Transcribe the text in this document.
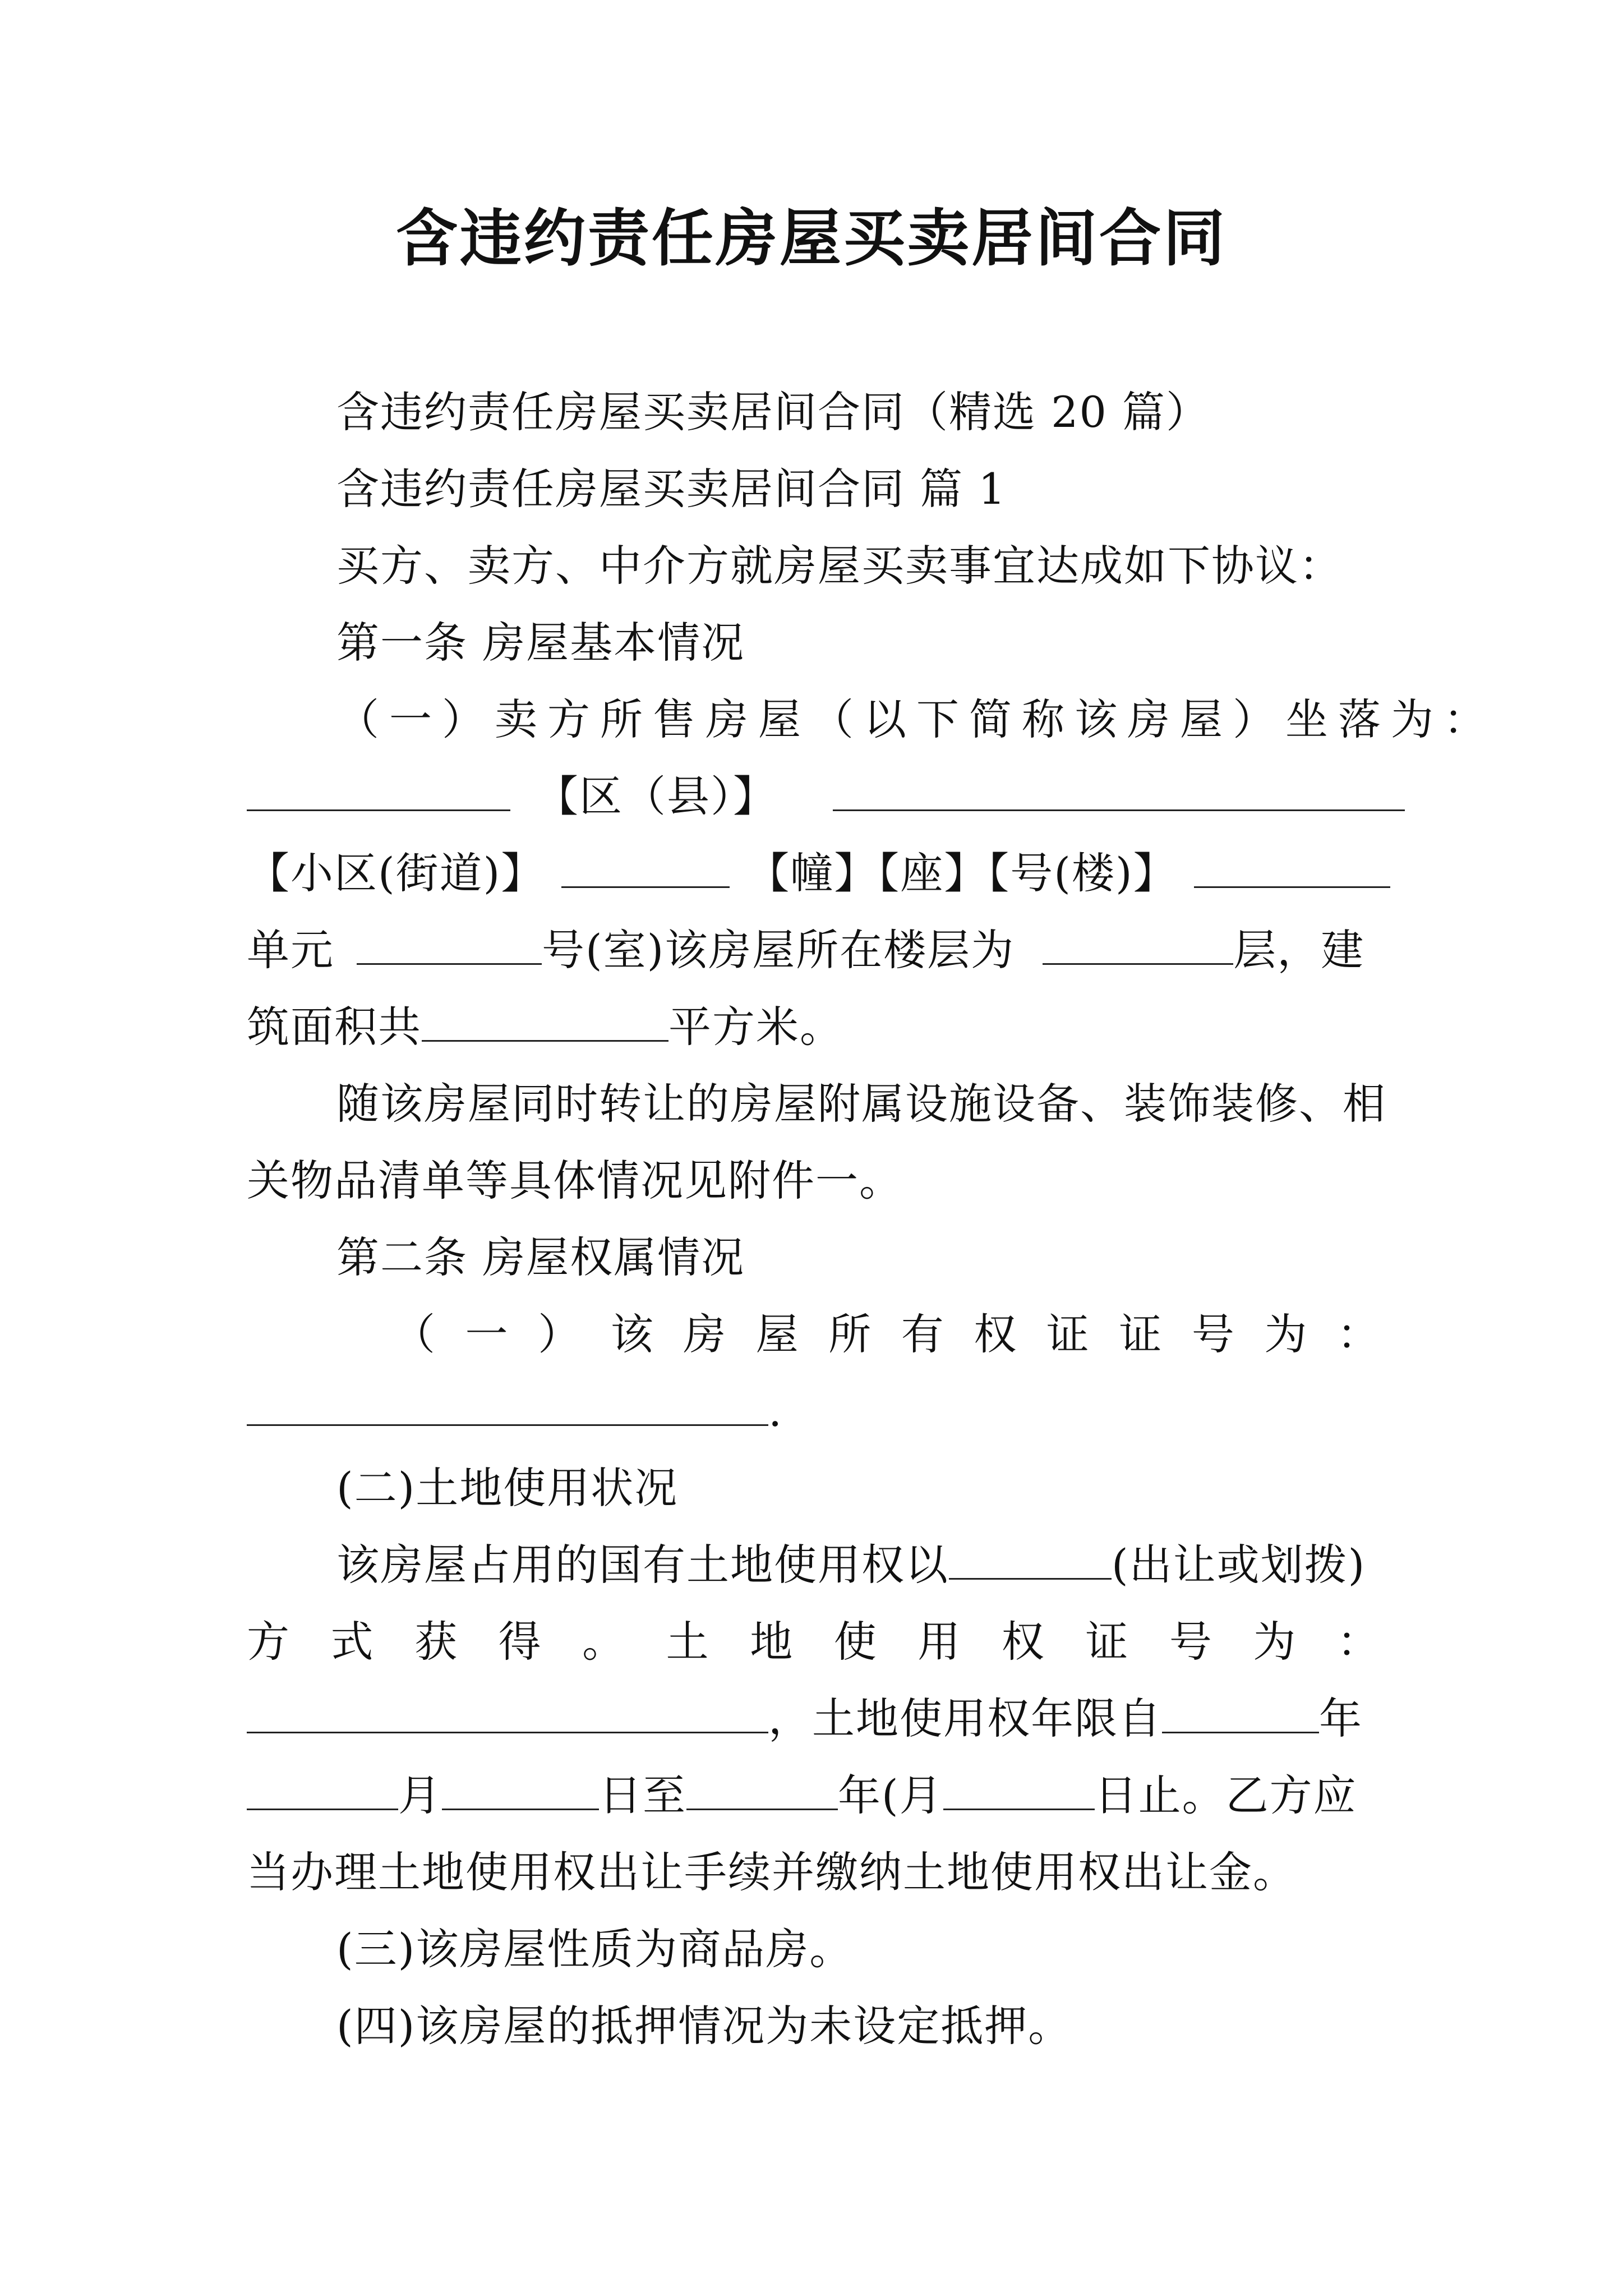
含违约责任房屋买卖居间合同
含违约责任房屋买卖居间合同（精选 20 篇）
含违约责任房屋买卖居间合同 篇 1
买方、卖方、中介方就房屋买卖事宜达成如下协议：
第一条 房屋基本情况
（一）卖方所售房屋（以下简称该房屋）坐落为：
【区（县）】
【小区(街道)】	【幢】【座】【号(楼)】
单元	号(室)该房屋所在楼层为	层，建
筑面积共	平方米。
随该房屋同时转让的房屋附属设施设备、装饰装修、相
关物品清单等具体情况见附件一。
第二条 房屋权属情况
（ 一 ） 该 房 屋 所 有 权 证 证 号 为 ：
.
(二)土地使用状况
该房屋占用的国有土地使用权以	(出让或划拨)
方 式 获 得 。 土 地 使 用 权 证 号 为 ：
，土地使用权年限自	年
月	日至	年(月	日止。乙方应
当办理土地使用权出让手续并缴纳土地使用权出让金。
(三)该房屋性质为商品房。
(四)该房屋的抵押情况为未设定抵押。
